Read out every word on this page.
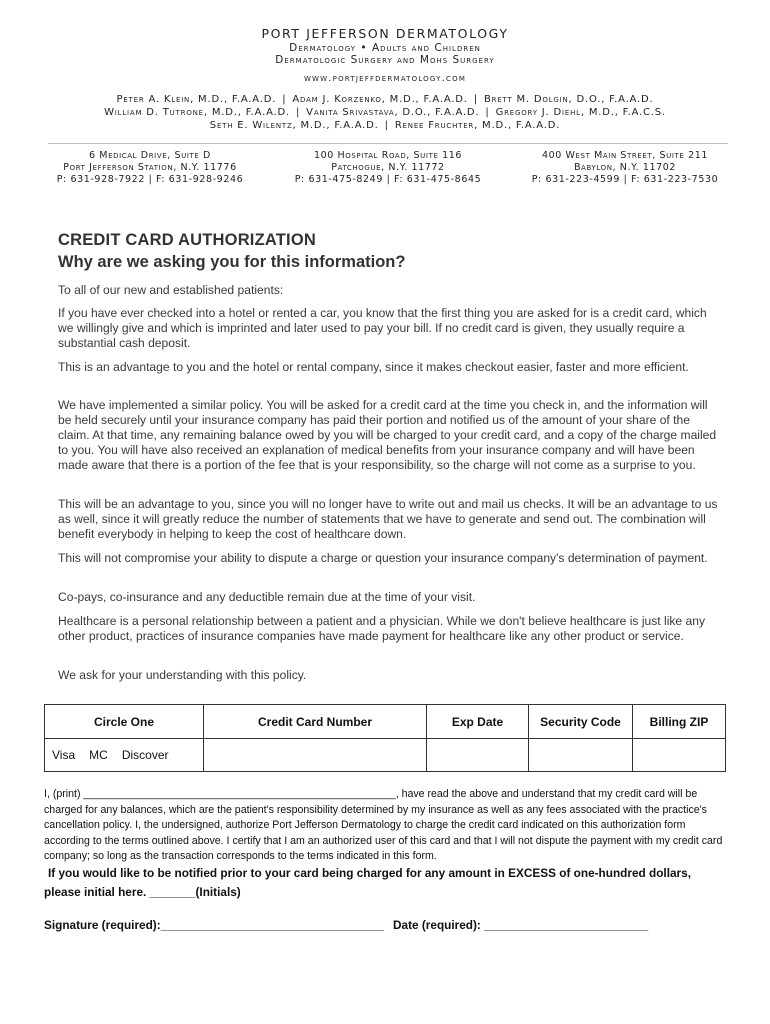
PORT JEFFERSON DERMATOLOGY
Dermatology • Adults and Children
Dermatologic Surgery and Mohs Surgery
www.portjeffdermatology.com
Peter A. Klein, M.D., F.A.A.D. | Adam J. Korzenko, M.D., F.A.A.D. | Brett M. Dolgin, D.O., F.A.A.D.
William D. Tutrone, M.D., F.A.A.D. | Vanita Srivastava, D.O., F.A.A.D. | Gregory J. Diehl, M.D., F.A.C.S.
Seth E. Wilentz, M.D., F.A.A.D. | Renee Fruchter, M.D., F.A.A.D.
6 Medical Drive, Suite D
Port Jefferson Station, N.Y. 11776
P: 631-928-7922 | F: 631-928-9246
100 Hospital Road, Suite 116
Patchogue, N.Y. 11772
P: 631-475-8249 | F: 631-475-8645
400 West Main Street, Suite 211
Babylon, N.Y. 11702
P: 631-223-4599 | F: 631-223-7530
CREDIT CARD AUTHORIZATION
Why are we asking you for this information?

To all of our new and established patients:

If you have ever checked into a hotel or rented a car, you know that the first thing you are asked for is a credit card, which we willingly give and which is imprinted and later used to pay your bill. If no credit card is given, they usually require a substantial cash deposit.

This is an advantage to you and the hotel or rental company, since it makes checkout easier, faster and more efficient.

We have implemented a similar policy. You will be asked for a credit card at the time you check in, and the information will be held securely until your insurance company has paid their portion and notified us of the amount of your share of the claim. At that time, any remaining balance owed by you will be charged to your credit card, and a copy of the charge mailed to you. You will have also received an explanation of medical benefits from your insurance company and will have been made aware that there is a portion of the fee that is your responsibility, so the charge will not come as a surprise to you.

This will be an advantage to you, since you will no longer have to write out and mail us checks. It will be an advantage to us as well, since it will greatly reduce the number of statements that we have to generate and send out. The combination will benefit everybody in helping to keep the cost of healthcare down.

This will not compromise your ability to dispute a charge or question your insurance company's determination of payment.

Co-pays, co-insurance and any deductible remain due at the time of your visit.

Healthcare is a personal relationship between a patient and a physician. While we don't believe healthcare is just like any other product, practices of insurance companies have made payment for healthcare like any other product or service.

We ask for your understanding with this policy.

Circle One	Credit Card Number	Exp Date	Security Code	Billing ZIP

Visa MC Discover				

I, (print) _____________________________________________________, have read the above and understand that my credit card will be charged for any balances, which are the patient's responsibility determined by my insurance as well as any fees associated with the practice's cancellation policy. I, the undersigned, authorize Port Jefferson Dermatology to charge the credit card indicated on this authorization form according to the terms outlined above. I certify that I am an authorized user of this card and that I will not dispute the payment with my credit card company; so long as the transaction corresponds to the terms indicated in this form.

If you would like to be notified prior to your card being charged for any amount in EXCESS of one-hundred dollars,
please initial here. _______(Initials)
Signature (required):__________________________________ Date (required): _________________________
